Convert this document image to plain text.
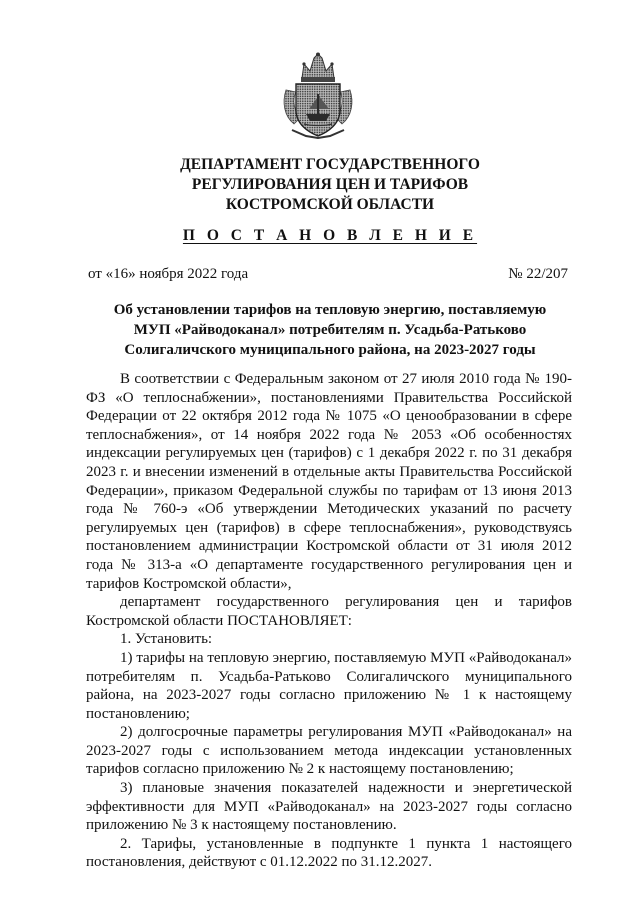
ДЕПАРТАМЕНТ ГОСУДАРСТВЕННОГО
РЕГУЛИРОВАНИЯ ЦЕН И ТАРИФОВ
КОСТРОМСКОЙ ОБЛАСТИ
П О С Т А Н О В Л Е Н И Е
от «16» ноября 2022 года	№ 22/207
Об установлении тарифов на тепловую энергию, поставляемую
МУП «Райводоканал» потребителям п. Усадьба-Ратьково
Солигаличского муниципального района, на 2023-2027 годы

В соответствии с Федеральным законом от 27 июля 2010 года № 190-ФЗ «О теплоснабжении», постановлениями Правительства Российской Федерации от 22 октября 2012 года № 1075 «О ценообразовании в сфере теплоснабжения», от 14 ноября 2022 года № 2053 «Об особенностях индексации регулируемых цен (тарифов) с 1 декабря 2022 г. по 31 декабря 2023 г. и внесении изменений в отдельные акты Правительства Российской Федерации», приказом Федеральной службы по тарифам от 13 июня 2013 года № 760-э «Об утверждении Методических указаний по расчету регулируемых цен (тарифов) в сфере теплоснабжения», руководствуясь постановлением администрации Костромской области от 31 июля 2012 года № 313-а «О департаменте государственного регулирования цен и тарифов Костромской области»,

департамент государственного регулирования цен и тарифов Костромской области ПОСТАНОВЛЯЕТ:

1. Установить:

1) тарифы на тепловую энергию, поставляемую МУП «Райводоканал» потребителям п. Усадьба-Ратьково Солигаличского муниципального района, на 2023-2027 годы согласно приложению № 1 к настоящему постановлению;

2) долгосрочные параметры регулирования МУП «Райводоканал» на 2023-2027 годы с использованием метода индексации установленных тарифов согласно приложению № 2 к настоящему постановлению;

3) плановые значения показателей надежности и энергетической эффективности для МУП «Райводоканал» на 2023-2027 годы согласно приложению № 3 к настоящему постановлению.

2. Тарифы, установленные в подпункте 1 пункта 1 настоящего постановления, действуют с 01.12.2022 по 31.12.2027.
